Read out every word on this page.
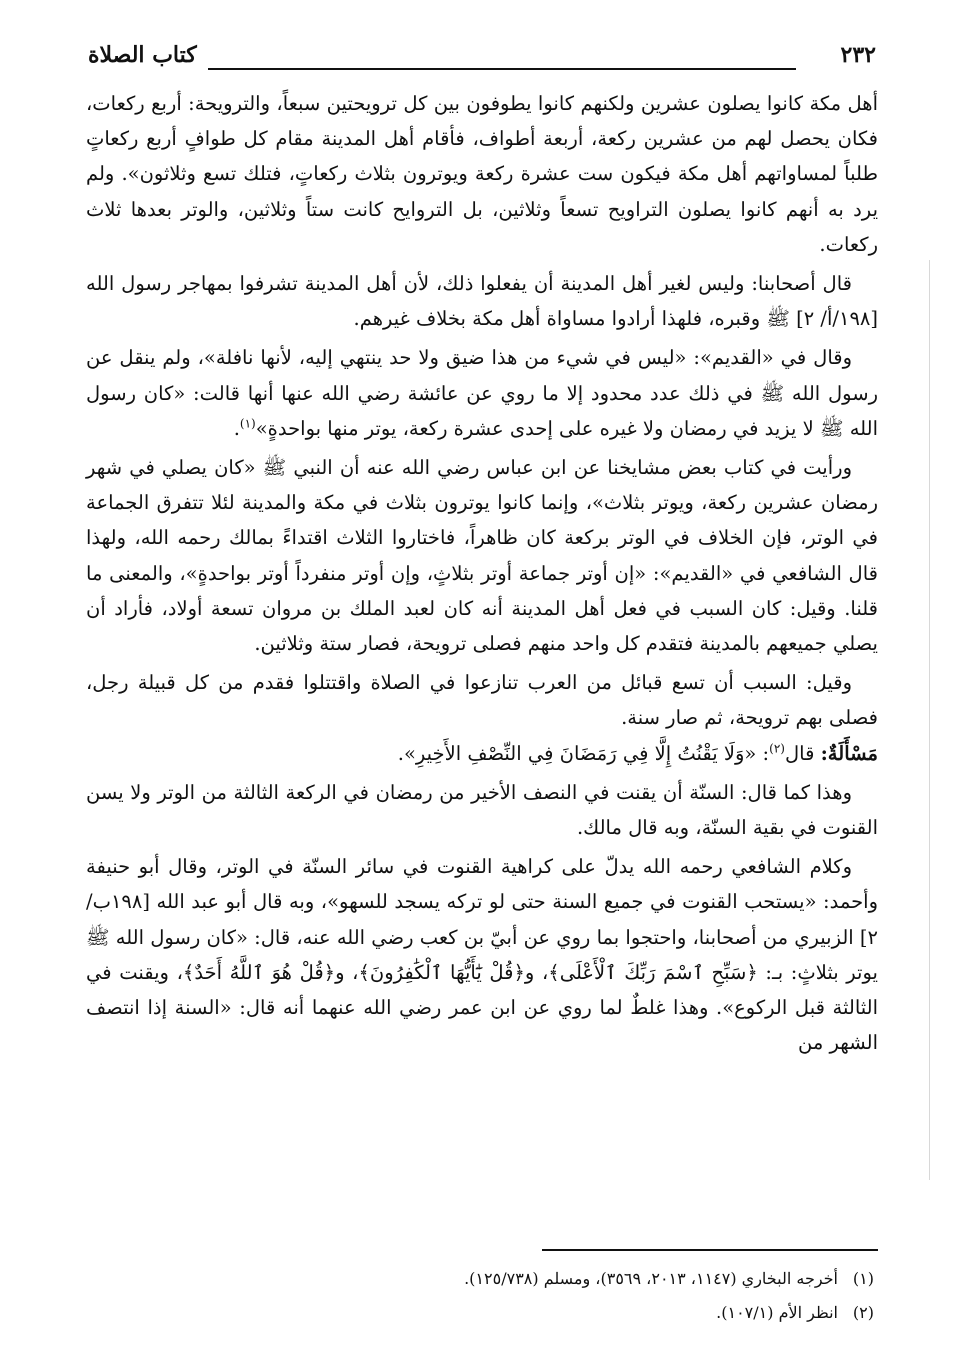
٢٣٢
كتاب الصلاة

أهل مكة كانوا يصلون عشرين ولكنهم كانوا يطوفون بين كل ترويحتين سبعاً، والترويحة: أربع ركعات، فكان يحصل لهم من عشرين ركعة، أربعة أطواف، فأقام أهل المدينة مقام كل طوافٍ أربع ركعاتٍ طلباً لمساواتهم أهل مكة فيكون ست عشرة ركعة ويوترون بثلاث ركعاتٍ، فتلك تسع وثلاثون». ولم يرد به أنهم كانوا يصلون التراويح تسعاً وثلاثين، بل التروايح كانت ستاً وثلاثين، والوتر بعدها ثلاث ركعات.

قال أصحابنا: وليس لغير أهل المدينة أن يفعلوا ذلك، لأن أهل المدينة تشرفوا بمهاجر رسول الله [١٩٨/أ/ ٢] ﷺ وقبره، فلهذا أرادوا مساواة أهل مكة بخلاف غيرهم.

وقال في «القديم»: «ليس في شيء من هذا ضيق ولا حد ينتهي إليه، لأنها نافلة»، ولم ينقل عن رسول الله ﷺ في ذلك عدد محدود إلا ما روي عن عائشة رضي الله عنها أنها قالت: «كان رسول الله ﷺ لا يزيد في رمضان ولا غيره على إحدى عشرة ركعة، يوتر منها بواحدةٍ»$^{(١)}$.

ورأيت في كتاب بعض مشايخنا عن ابن عباس رضي الله عنه أن النبي ﷺ «كان يصلي في شهر رمضان عشرين ركعة، ويوتر بثلاث»، وإنما كانوا يوترون بثلاث في مكة والمدينة لئلا تتفرق الجماعة في الوتر، فإن الخلاف في الوتر بركعة كان ظاهراً، فاختاروا الثلاث اقتداءً بمالك رحمه الله، ولهذا قال الشافعي في «القديم»: «إن أوتر جماعة أوتر بثلاثٍ، وإن أوتر منفرداً أوتر بواحدةٍ»، والمعنى ما قلنا. وقيل: كان السبب في فعل أهل المدينة أنه كان لعبد الملك بن مروان تسعة أولاد، فأراد أن يصلي جميعهم بالمدينة فتقدم كل واحد منهم فصلى ترويحة، فصار ستة وثلاثين.

وقيل: السبب أن تسع قبائل من العرب تنازعوا في الصلاة واقتتلوا فقدم من كل قبيلة رجل، فصلى بهم ترويحة، ثم صار سنة.

مَسْأَلَةٌ: قال$^{(٢)}$: «وَلَا يَقْنُتُ إِلَّا فِي رَمَضَانَ فِي النِّصْفِ الأَخِيرِ».

وهذا كما قال: السنّة أن يقنت في النصف الأخير من رمضان في الركعة الثالثة من الوتر ولا يسن القنوت في بقية السنّة، وبه قال مالك.

وكلام الشافعي رحمه الله يدلّ على كراهية القنوت في سائر السنّة في الوتر، وقال أبو حنيفة وأحمد: «يستحب القنوت في جميع السنة حتى لو تركه يسجد للسهو»، وبه قال أبو عبد الله [١٩٨ب/ ٢] الزبيري من أصحابنا، واحتجوا بما روي عن أبيّ بن كعب رضي الله عنه، قال: «كان رسول الله ﷺ يوتر بثلاثٍ: بـ: ﴿سَبِّحِ ٱسْمَ رَبِّكَ ٱلْأَعْلَى﴾، و﴿قُلْ يَٰٓأَيُّهَا ٱلْكَٰفِرُونَ﴾، و﴿قُلْ هُوَ ٱللَّهُ أَحَدٌ﴾، ويقنت في الثالثة قبل الركوع». وهذا غلطٌ لما روي عن ابن عمر رضي الله عنهما أنه قال: «السنة إذا انتصف الشهر من

(١)أخرجه البخاري (١١٤٧، ٢٠١٣، ٣٥٦٩)، ومسلم (١٢٥/٧٣٨).

(٢)انظر الأم (١٠٧/١).
